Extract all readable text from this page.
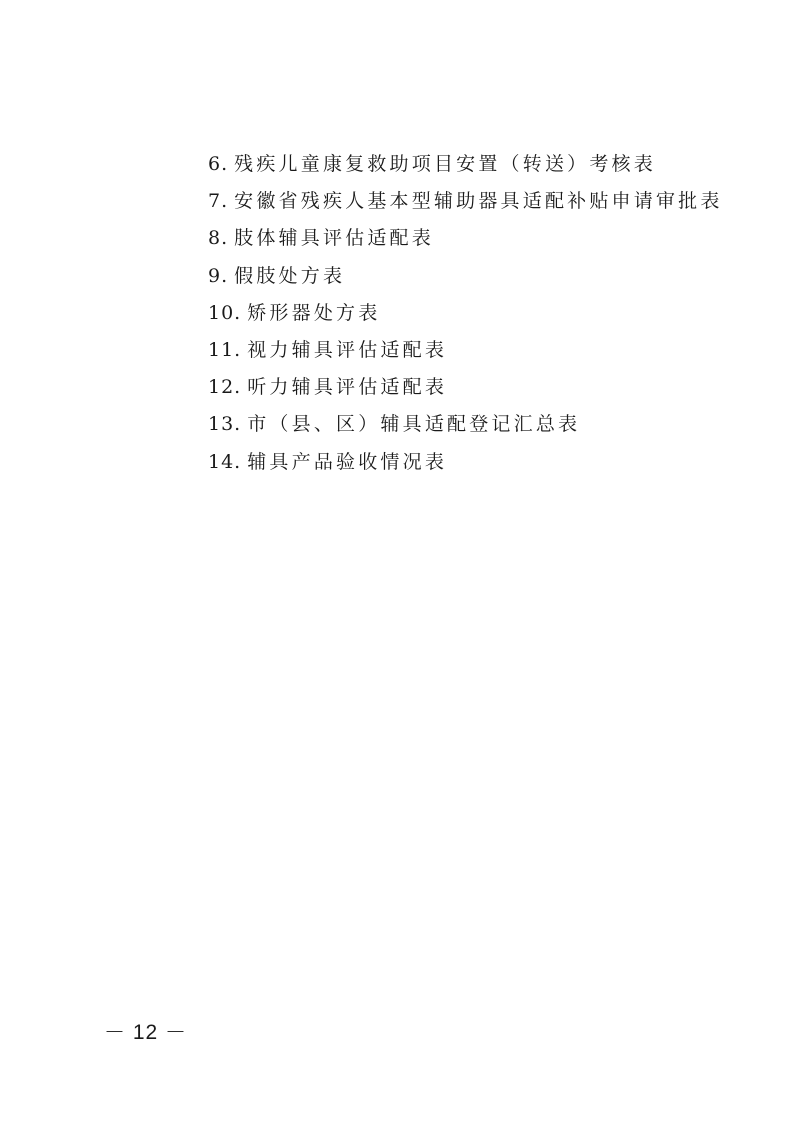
6. 残疾儿童康复救助项目安置（转送）考核表
7. 安徽省残疾人基本型辅助器具适配补贴申请审批表
8. 肢体辅具评估适配表
9. 假肢处方表
10. 矫形器处方表
11. 视力辅具评估适配表
12. 听力辅具评估适配表
13. 市（县、区）辅具适配登记汇总表
14. 辅具产品验收情况表
－ 12 －
